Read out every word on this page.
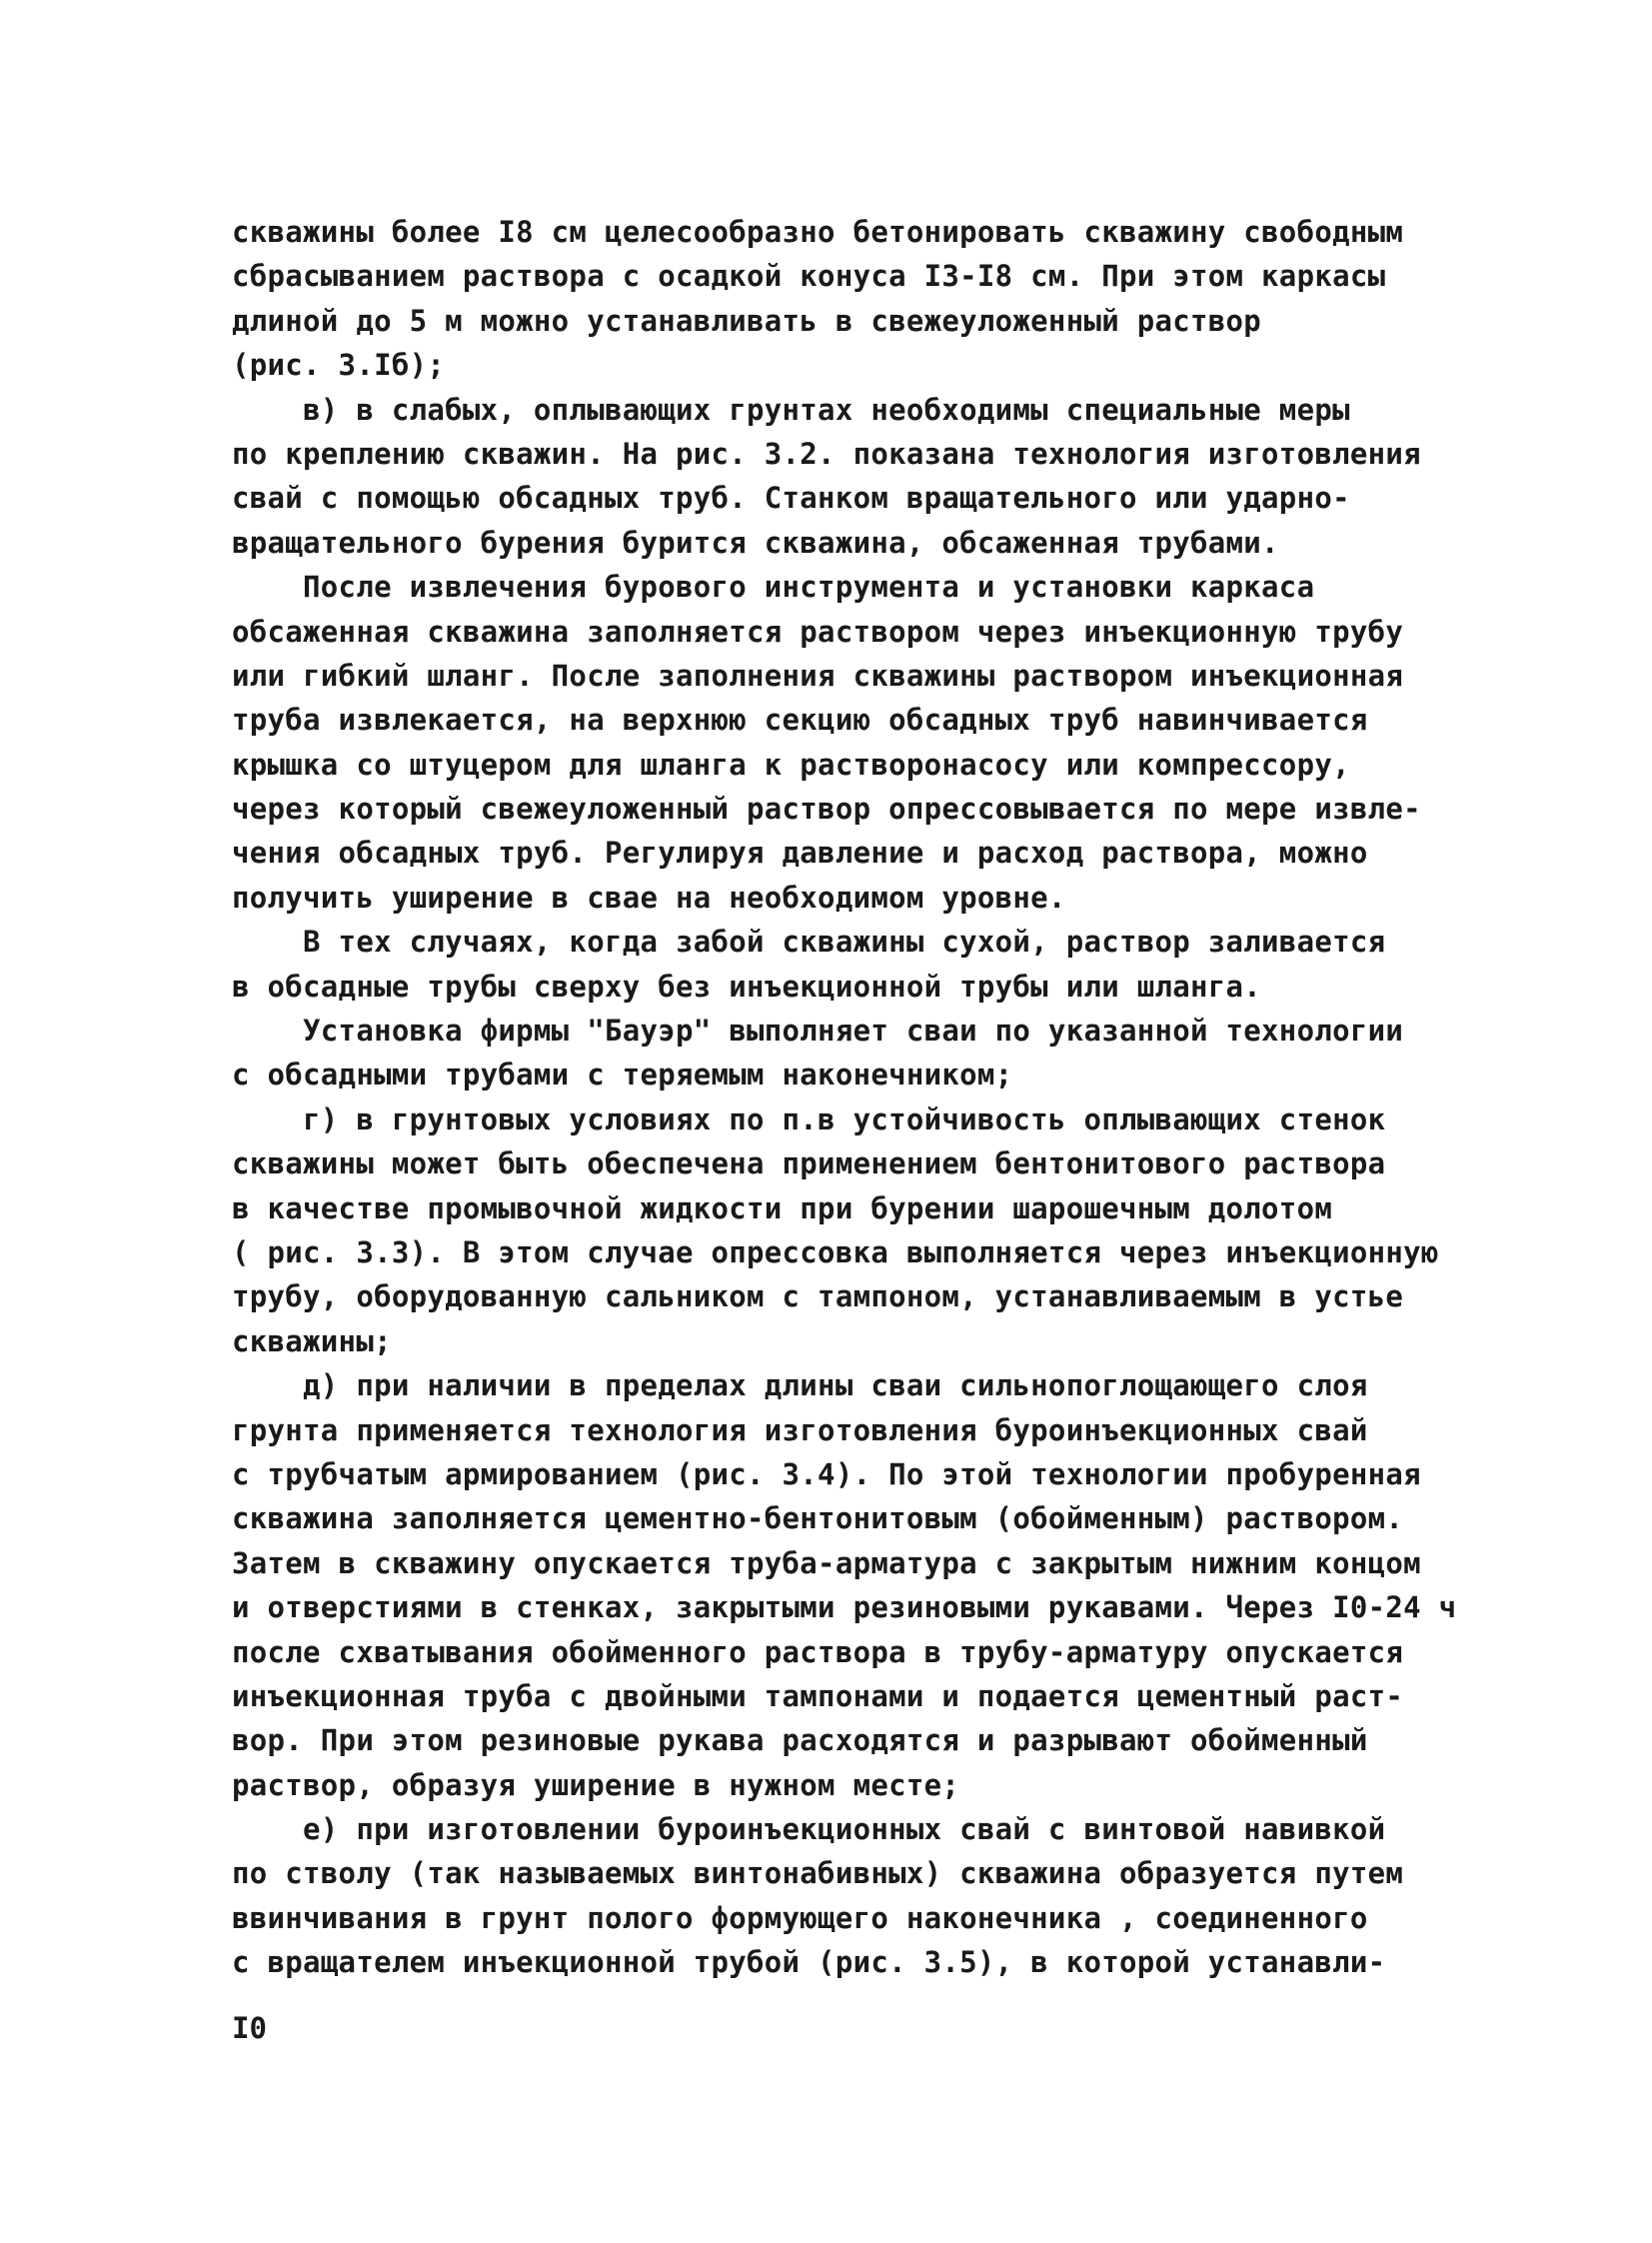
скважины более I8 см целесообразно бетонировать скважину свободным
сбрасыванием раствора с осадкой конуса I3-I8 см. При этом каркасы
длиной до 5 м можно устанавливать в свежеуложенный раствор
(рис. 3.Iб);
в) в слабых, оплывающих грунтах необходимы специальные меры
по креплению скважин. На рис. 3.2. показана технология изготовления
свай с помощью обсадных труб. Станком вращательного или ударно-
вращательного бурения бурится скважина, обсаженная трубами.
После извлечения бурового инструмента и установки каркаса
обсаженная скважина заполняется раствором через инъекционную трубу
или гибкий шланг. После заполнения скважины раствором инъекционная
труба извлекается, на верхнюю секцию обсадных труб навинчивается
крышка со штуцером для шланга к растворонасосу или компрессору,
через который свежеуложенный раствор опрессовывается по мере извле-
чения обсадных труб. Регулируя давление и расход раствора, можно
получить уширение в сваe на необходимом уровне.
В тех случаях, когда забой скважины сухой, раствор заливается
в обсадные трубы сверху без инъекционной трубы или шланга.
Установка фирмы "Бауэр" выполняет сваи по указанной технологии
с обсадными трубами с теряемым наконечником;
г) в грунтовых условиях по п.в устойчивость оплывающих стенок
скважины может быть обеспечена применением бентонитового раствора
в качестве промывочной жидкости при бурении шарошечным долотом
( рис. 3.3). В этом случае опрессовка выполняется через инъекционную
трубу, оборудованную сальником с тампоном, устанавливаемым в устье
скважины;
д) при наличии в пределах длины сваи сильнопоглощающего слоя
грунта применяется технология изготовления буроинъекционных свай
с трубчатым армированием (рис. 3.4). По этой технологии пробуренная
скважина заполняется цементно-бентонитовым (обойменным) раствором.
Затем в скважину опускается труба-арматура с закрытым нижним концом
и отверстиями в стенках, закрытыми резиновыми рукавами. Через I0-24 ч
после схватывания обойменного раствора в трубу-арматуру опускается
инъекционная труба с двойными тампонами и подается цементный раст-
вор. При этом резиновые рукава расходятся и разрывают обойменный
раствор, образуя уширение в нужном месте;
е) при изготовлении буроинъекционных свай с винтовой навивкой
по стволу (так называемых винтонабивных) скважина образуется путем
ввинчивания в грунт полого формующего наконечника , соединенного
с вращателем инъекционной трубой (рис. 3.5), в которой устанавли-
I0
